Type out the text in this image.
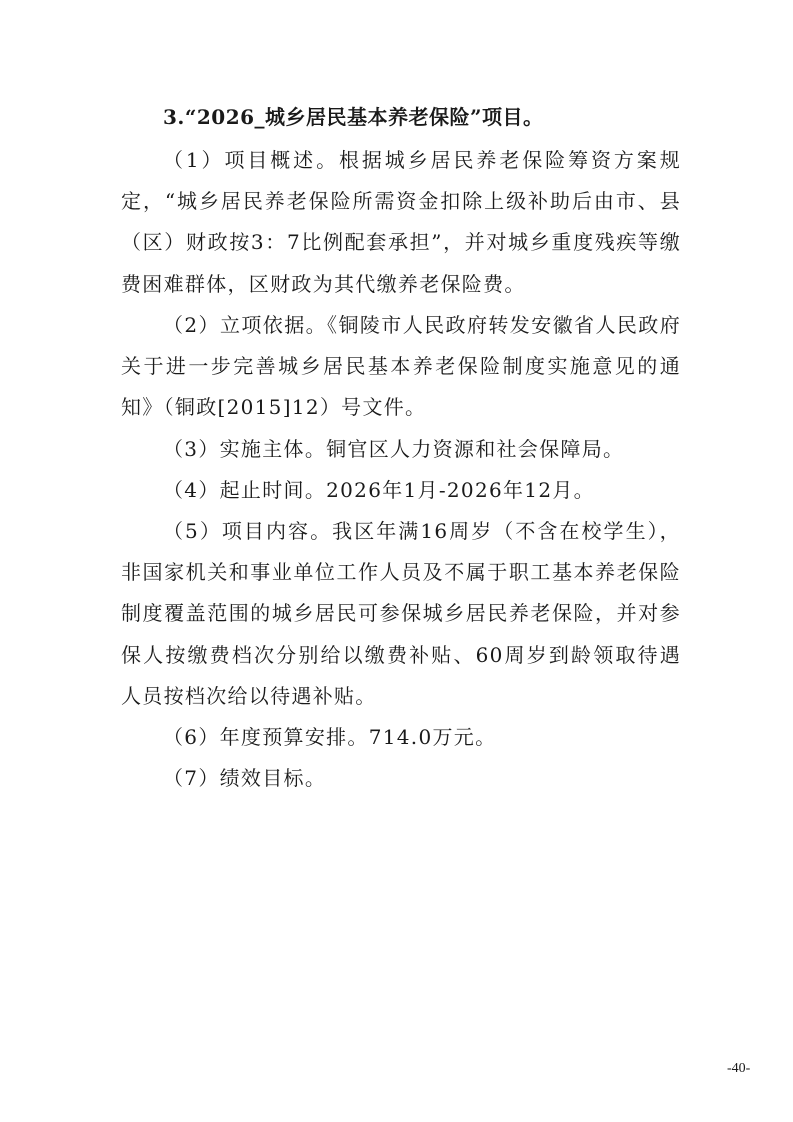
3.“2026_城乡居民基本养老保险”项目。

（1）项目概述。根据城乡居民养老保险筹资方案规定，“城乡居民养老保险所需资金扣除上级补助后由市、县（区）财政按3：7比例配套承担”，并对城乡重度残疾等缴费困难群体，区财政为其代缴养老保险费。

（2）立项依据。《铜陵市人民政府转发安徽省人民政府关于进一步完善城乡居民基本养老保险制度实施意见的通知》（铜政[2015]12）号文件。

（3）实施主体。铜官区人力资源和社会保障局。

（4）起止时间。2026年1月-2026年12月。

（5）项目内容。我区年满16周岁（不含在校学生），非国家机关和事业单位工作人员及不属于职工基本养老保险制度覆盖范围的城乡居民可参保城乡居民养老保险，并对参保人按缴费档次分别给以缴费补贴、60周岁到龄领取待遇人员按档次给以待遇补贴。

（6）年度预算安排。714.0万元。

（7）绩效目标。

-40-
